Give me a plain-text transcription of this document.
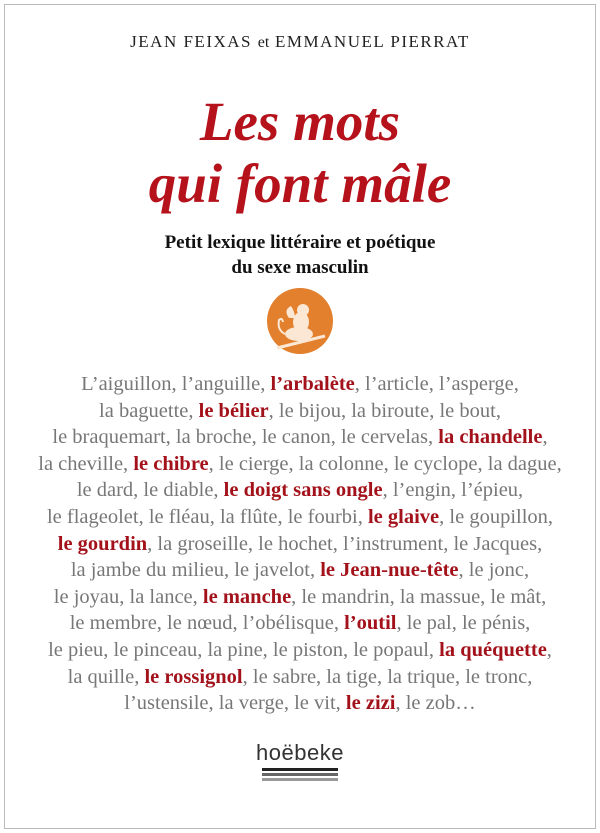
JEAN FEIXAS et EMMANUEL PIERRAT
Les mots
qui font mâle
Petit lexique littéraire et poétique
du sexe masculin
L’aiguillon, l’anguille, l’arbalète, l’article, l’asperge,
la baguette, le bélier, le bijou, la biroute, le bout,
le braquemart, la broche, le canon, le cervelas, la chandelle,
la cheville, le chibre, le cierge, la colonne, le cyclope, la dague,
le dard, le diable, le doigt sans ongle, l’engin, l’épieu,
le flageolet, le fléau, la flûte, le fourbi, le glaive, le goupillon,
le gourdin, la groseille, le hochet, l’instrument, le Jacques,
la jambe du milieu, le javelot, le Jean-nue-tête, le jonc,
le joyau, la lance, le manche, le mandrin, la massue, le mât,
le membre, le nœud, l’obélisque, l’outil, le pal, le pénis,
le pieu, le pinceau, la pine, le piston, le popaul, la quéquette,
la quille, le rossignol, le sabre, la tige, la trique, le tronc,
l’ustensile, la verge, le vit, le zizi, le zob…
hoëbeke
